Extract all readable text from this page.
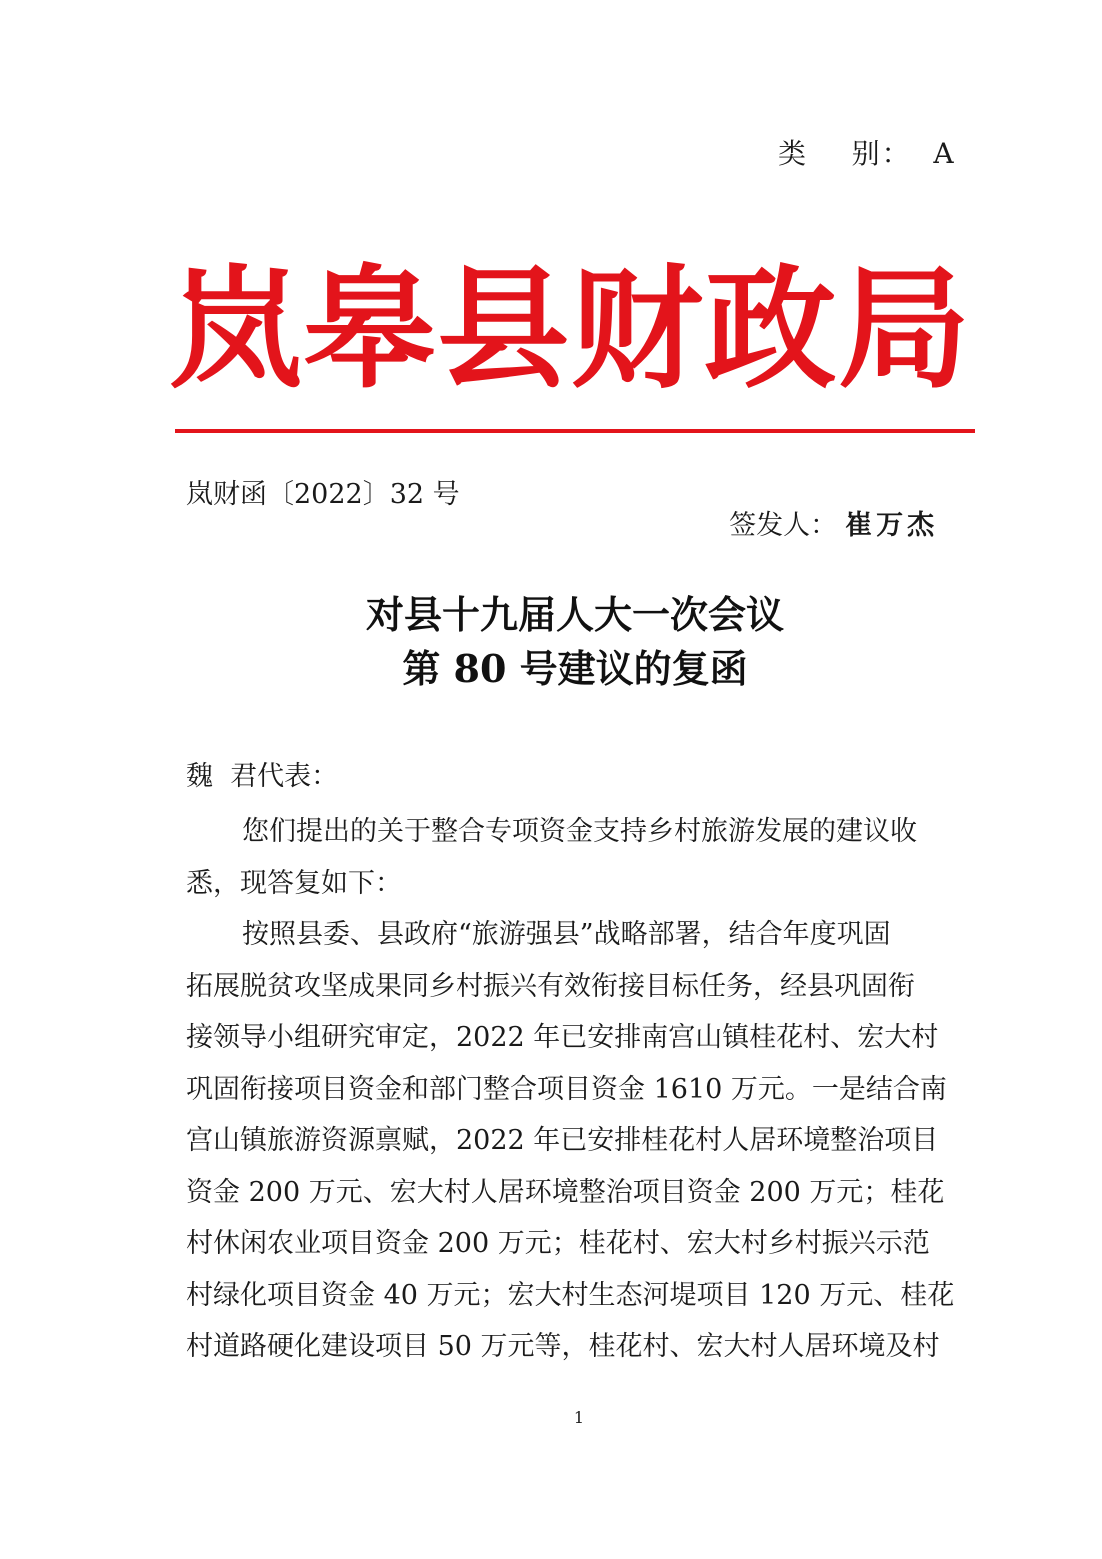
类    别：  A
岚 皋 县 财 政 局
岚财函〔2022〕32 号

签发人： 崔万杰

对县十九届人大一次会议
第 80 号建议的复函
魏  君代表：
您们提出的关于整合专项资金支持乡村旅游发展的建议收
悉，现答复如下：
按照县委、县政府“旅游强县”战略部署，结合年度巩固
拓展脱贫攻坚成果同乡村振兴有效衔接目标任务，经县巩固衔
接领导小组研究审定，2022 年已安排南宫山镇桂花村、宏大村
巩固衔接项目资金和部门整合项目资金 1610 万元。一是结合南
宫山镇旅游资源禀赋，2022 年已安排桂花村人居环境整治项目
资金 200 万元、宏大村人居环境整治项目资金 200 万元；桂花
村休闲农业项目资金 200 万元；桂花村、宏大村乡村振兴示范
村绿化项目资金 40 万元；宏大村生态河堤项目 120 万元、桂花
村道路硬化建设项目 50 万元等，桂花村、宏大村人居环境及村
1
